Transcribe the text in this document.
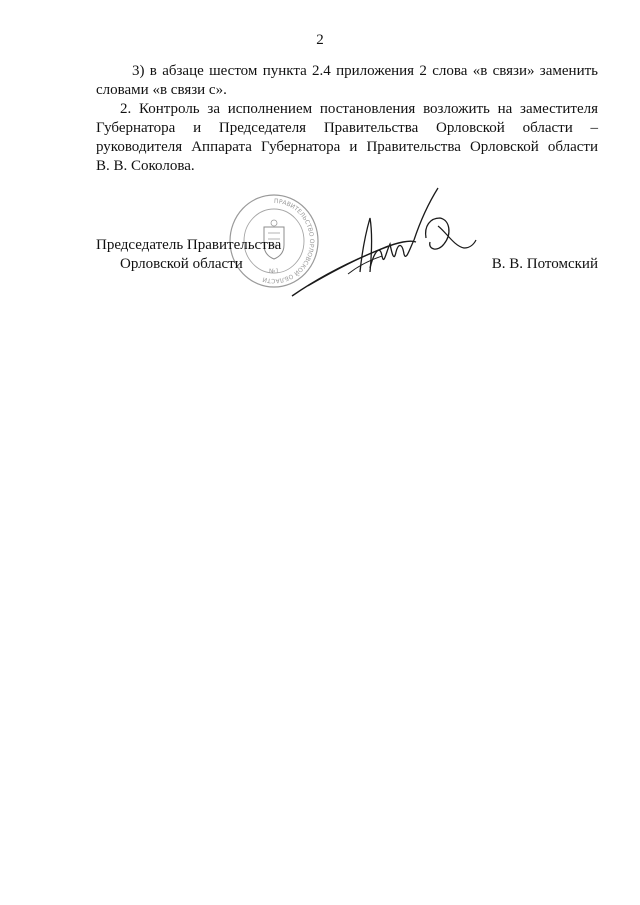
2

3) в абзаце шестом пункта 2.4 приложения 2 слова «в связи» заменить
словами «в связи с».

2. Контроль за исполнением постановления возложить на заместителя
Губернатора и Председателя Правительства Орловской области –
руководителя Аппарата Губернатора и Правительства Орловской области
В. В. Соколова.

ПРАВИТЕЛЬСТВО ОРЛОВСКОЙ ОБЛАСТИ
№1
Председатель Правительства
Орловской области	В. В. Потомский
